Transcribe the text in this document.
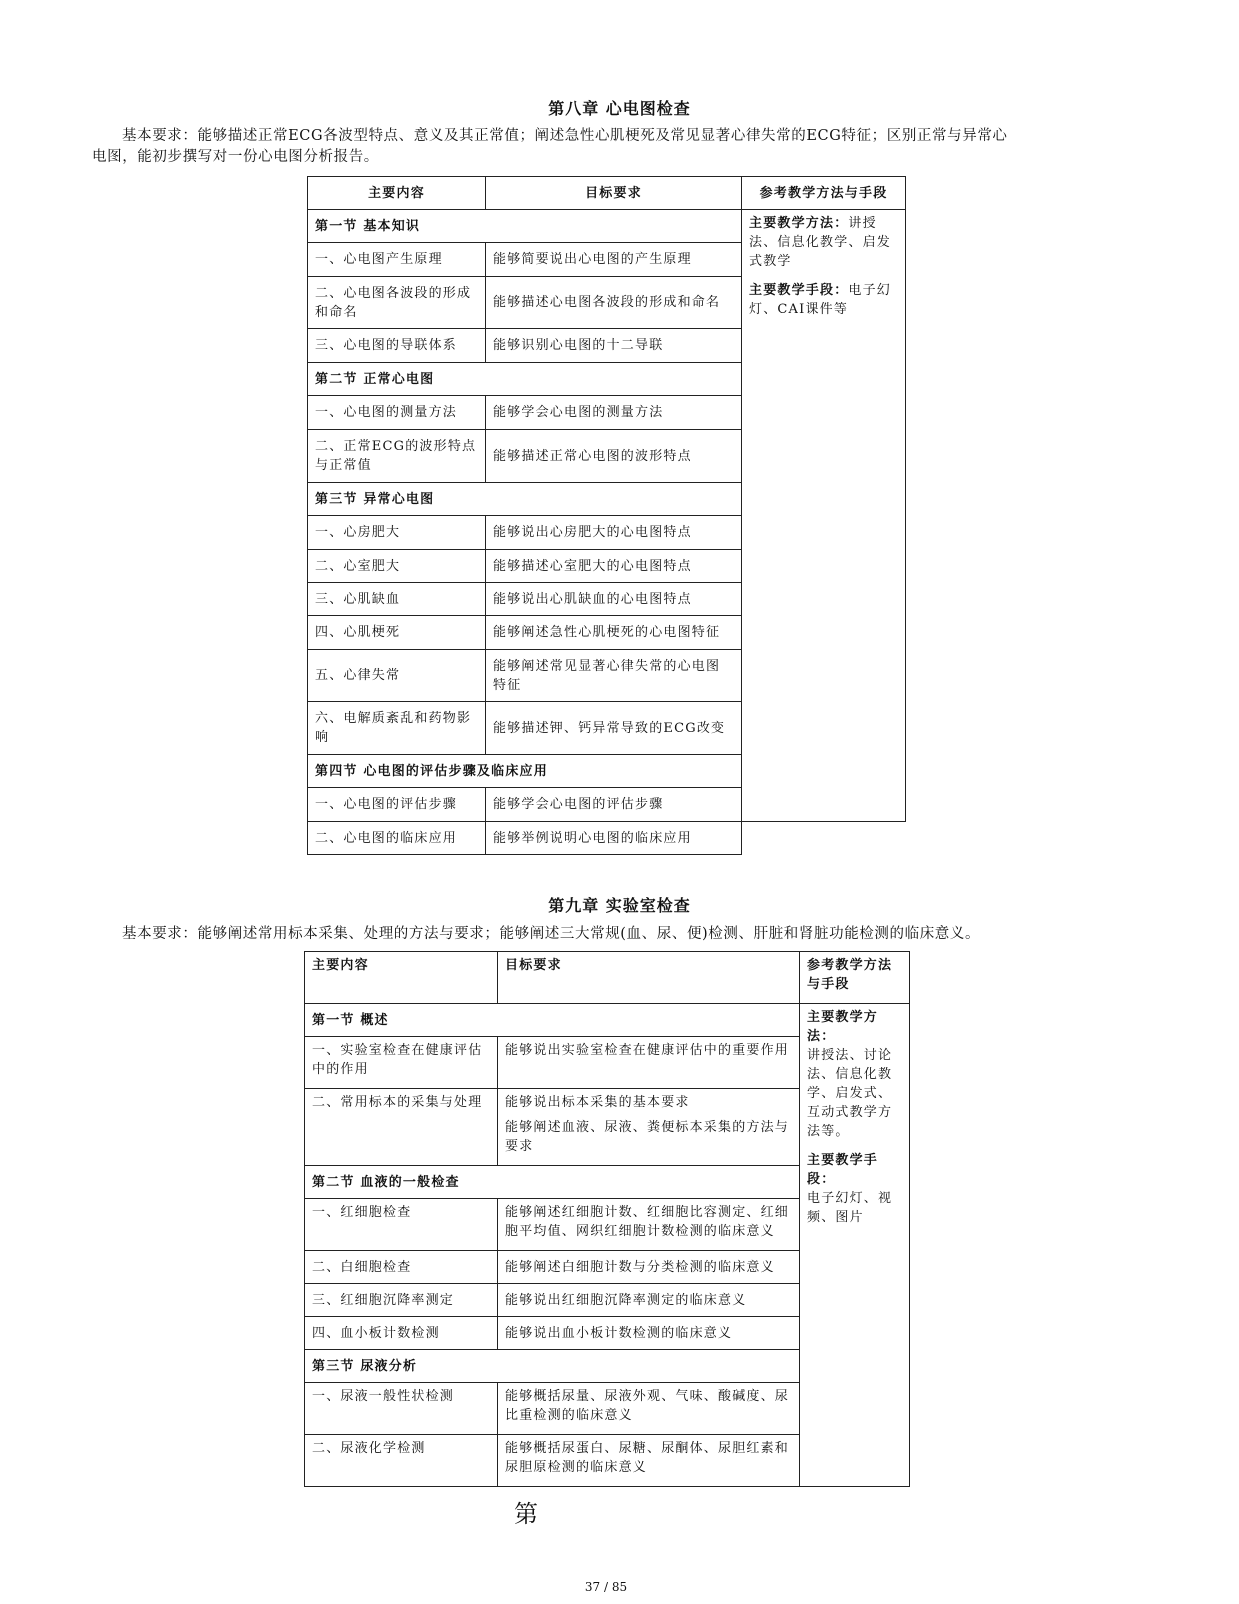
第八章 心电图检查
基本要求：能够描述正常ECG各波型特点、意义及其正常值；阐述急性心肌梗死及常见显著心律失常的ECG特征；区别正常与异常心
电图，能初步撰写对一份心电图分析报告。
主要内容	目标要求	参考教学方法与手段
第一节 基本知识		主要教学方法：讲授法、信息化教学、启发式教学
主要教学手段：电子幻灯、CAI课件等

一、心电图产生原理	能够简要说出心电图的产生原理	
二、心电图各波段的形成和命名	能够描述心电图各波段的形成和命名	
三、心电图的导联体系	能够识别心电图的十二导联	
第二节 正常心电图		
一、心电图的测量方法	能够学会心电图的测量方法	
二、正常ECG的波形特点与正常值	能够描述正常心电图的波形特点	
第三节 异常心电图		
一、心房肥大	能够说出心房肥大的心电图特点	
二、心室肥大	能够描述心室肥大的心电图特点	
三、心肌缺血	能够说出心肌缺血的心电图特点	
四、心肌梗死	能够阐述急性心肌梗死的心电图特征	
五、心律失常	能够阐述常见显著心律失常的心电图特征	
六、电解质紊乱和药物影响	能够描述钾、钙异常导致的ECG改变	
第四节 心电图的评估步骤及临床应用		
一、心电图的评估步骤	能够学会心电图的评估步骤	
二、心电图的临床应用	能够举例说明心电图的临床应用	
第九章 实验室检查
基本要求：能够阐述常用标本采集、处理的方法与要求；能够阐述三大常规(血、尿、便)检测、肝脏和肾脏功能检测的临床意义。
主要内容	目标要求	参考教学方法与手段
第一节 概述		主要教学方法：
讲授法、讨论法、信息化教学、启发式、互动式教学方法等。
主要教学手段：
电子幻灯、视频、图片

一、实验室检查在健康评估中的作用	能够说出实验室检查在健康评估中的重要作用	
二、常用标本的采集与处理	能够说出标本采集的基本要求
能够阐述血液、尿液、粪便标本采集的方法与要求	

第二节 血液的一般检查		
一、红细胞检查	能够阐述红细胞计数、红细胞比容测定、红细胞平均值、网织红细胞计数检测的临床意义	
二、白细胞检查	能够阐述白细胞计数与分类检测的临床意义	
三、红细胞沉降率测定	能够说出红细胞沉降率测定的临床意义	
四、血小板计数检测	能够说出血小板计数检测的临床意义	
第三节 尿液分析		
一、尿液一般性状检测	能够概括尿量、尿液外观、气味、酸碱度、尿比重检测的临床意义	
二、尿液化学检测	能够概括尿蛋白、尿糖、尿酮体、尿胆红素和尿胆原检测的临床意义	
第
37 / 85
